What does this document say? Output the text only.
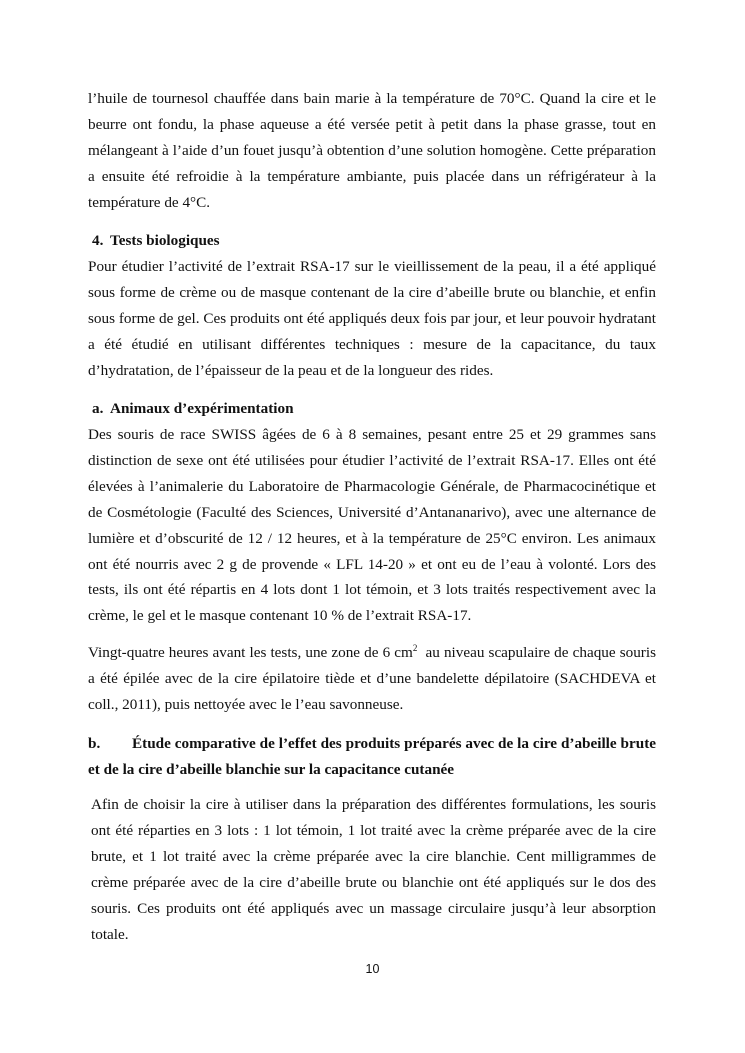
l’huile de tournesol chauffée dans bain marie à la température de 70°C. Quand la cire et le beurre ont fondu, la phase aqueuse a été versée petit à petit dans la phase grasse, tout en mélangeant à l’aide d’un fouet jusqu’à obtention d’une solution homogène. Cette préparation a ensuite été refroidie à la température ambiante, puis placée dans un réfrigérateur à la température de 4°C.

4. Tests biologiques

Pour étudier l’activité de l’extrait RSA-17 sur le vieillissement de la peau, il a été appliqué sous forme de crème ou de masque contenant de la cire d’abeille brute ou blanchie, et enfin sous forme de gel. Ces produits ont été appliqués deux fois par jour, et leur pouvoir hydratant a été étudié en utilisant différentes techniques : mesure de la capacitance, du taux d’hydratation, de l’épaisseur de la peau et de la longueur des rides.

a. Animaux d’expérimentation

Des souris de race SWISS âgées de 6 à 8 semaines, pesant entre 25 et 29 grammes sans distinction de sexe ont été utilisées pour étudier l’activité de l’extrait RSA-17. Elles ont été élevées à l’animalerie du Laboratoire de Pharmacologie Générale, de Pharmacocinétique et de Cosmétologie (Faculté des Sciences, Université d’Antananarivo), avec une alternance de lumière et d’obscurité de 12 / 12 heures, et à la température de 25°C environ. Les animaux ont été nourris avec 2 g de provende « LFL 14-20 » et ont eu de l’eau à volonté. Lors des tests, ils ont été répartis en 4 lots dont 1 lot témoin, et 3 lots traités respectivement avec la crème, le gel et le masque contenant 10 % de l’extrait RSA-17.

Vingt-quatre heures avant les tests, une zone de 6 $cm^2$  au niveau scapulaire de chaque souris a été épilée avec de la cire épilatoire tiède et d’une bandelette dépilatoire (SACHDEVA et coll., 2011), puis nettoyée avec le l’eau savonneuse.

b. Étude comparative de l’effet des produits préparés avec de la cire d’abeille brute et de la cire d’abeille blanchie sur la capacitance cutanée

Afin de choisir la cire à utiliser dans la préparation des différentes formulations, les souris ont été réparties en 3 lots : 1 lot témoin, 1 lot traité avec la crème préparée avec de la cire brute, et 1 lot traité avec la crème préparée avec la cire blanchie. Cent milligrammes de crème préparée avec de la cire d’abeille brute ou blanchie ont été appliqués sur le dos des souris. Ces produits ont été appliqués avec un massage circulaire jusqu’à leur absorption totale.

10
